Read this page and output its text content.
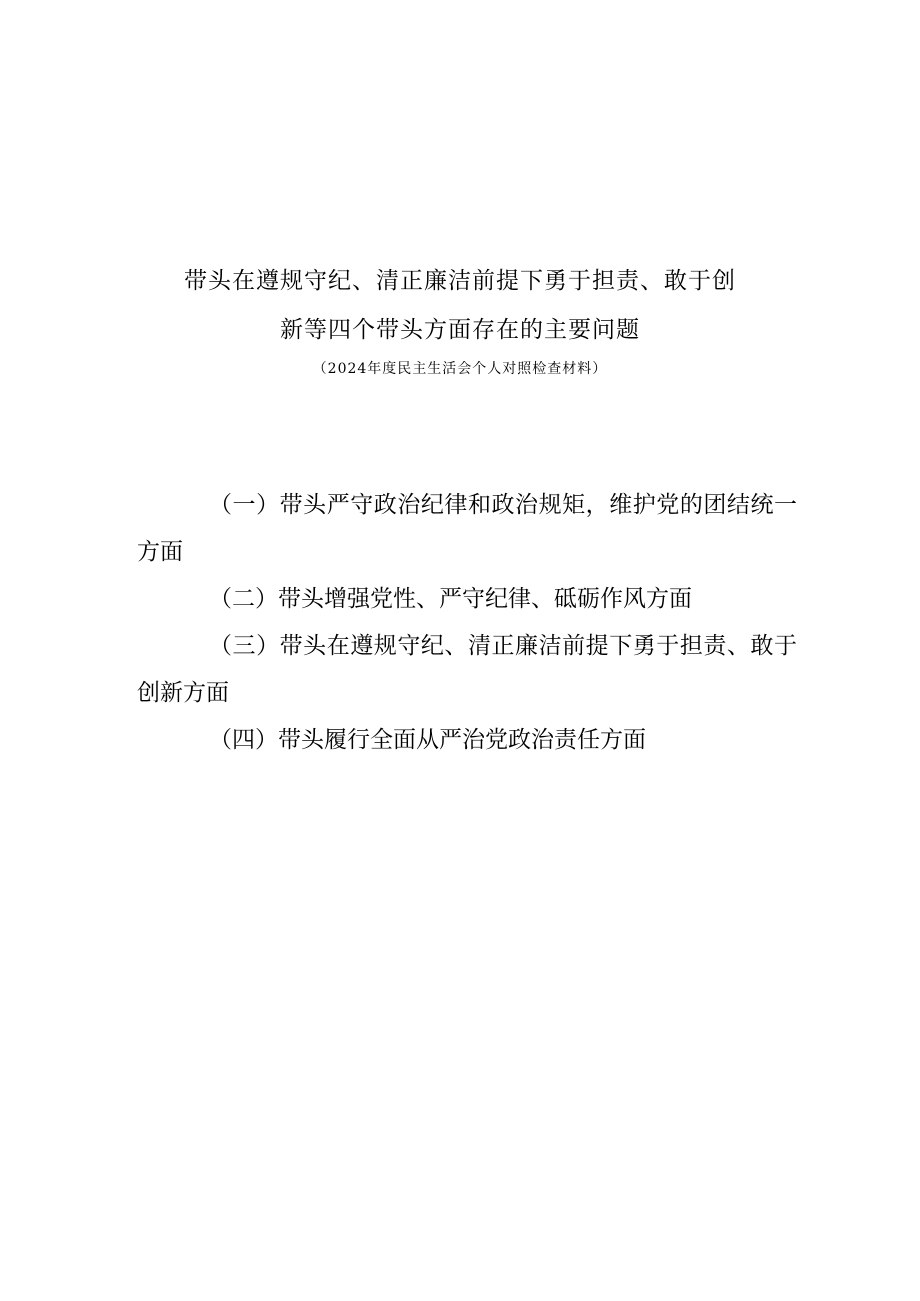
带头在遵规守纪、清正廉洁前提下勇于担责、敢于创
新等四个带头方面存在的主要问题
（2024年度民主生活会个人对照检查材料）

（一）带头严守政治纪律和政治规矩，维护党的团结统一方面

（二）带头增强党性、严守纪律、砥砺作风方面

（三）带头在遵规守纪、清正廉洁前提下勇于担责、敢于创新方面

（四）带头履行全面从严治党政治责任方面
